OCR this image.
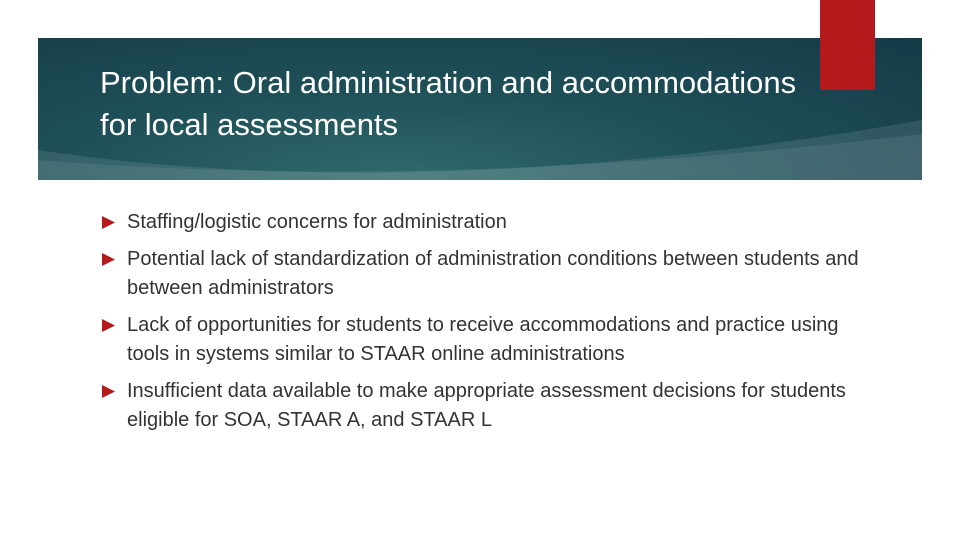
Problem: Oral administration and accommodations for local assessments
Staffing/logistic concerns for administration
Potential lack of standardization of administration conditions between students and between administrators
Lack of opportunities for students to receive accommodations and practice using tools in systems similar to STAAR online administrations
Insufficient data available to make appropriate assessment decisions for students eligible for SOA, STAAR A, and STAAR L
